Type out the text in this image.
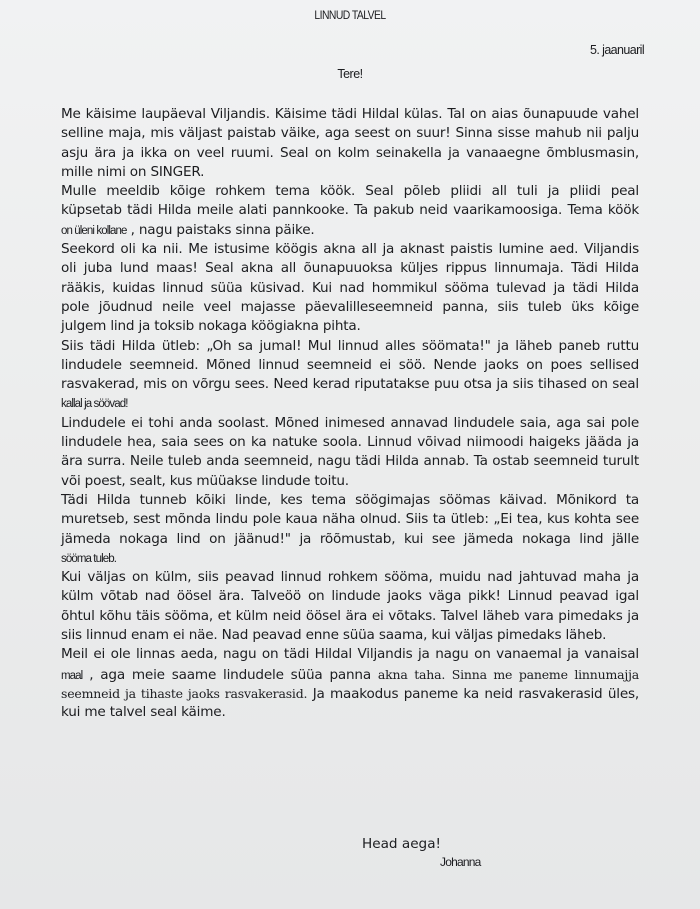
LINNUD TALVEL
5. jaanuaril
Tere!
Me käisime laupäeval Viljandis. Käisime tädi Hildal külas. Tal on aias õunapuude vahel
selline maja, mis väljast paistab väike, aga seest on suur! Sinna sisse mahub nii palju
asju ära ja ikka on veel ruumi. Seal on kolm seinakella ja vanaaegne õmblusmasin,
mille nimi on SINGER.
Mulle meeldib kõige rohkem tema köök. Seal põleb pliidi all tuli ja pliidi peal
küpsetab tädi Hilda meile alati pannkooke. Ta pakub neid vaarikamoosiga. Tema köök
on üleni kollane , nagu paistaks sinna päike.
Seekord oli ka nii. Me istusime köögis akna all ja aknast paistis lumine aed. Viljandis
oli juba lund maas! Seal akna all õunapuuoksa küljes rippus linnumaja. Tädi Hilda
rääkis, kuidas linnud süüa küsivad. Kui nad hommikul sööma tulevad ja tädi Hilda
pole jõudnud neile veel majasse päevalilleseemneid panna, siis tuleb üks kõige
julgem lind ja toksib nokaga köögiakna pihta.
Siis tädi Hilda ütleb: „Oh sa jumal! Mul linnud alles söömata!" ja läheb paneb ruttu
lindudele seemneid. Mõned linnud seemneid ei söö. Nende jaoks on poes sellised
rasvakerad, mis on võrgu sees. Need kerad riputatakse puu otsa ja siis tihased on seal
kallal ja söövad!
Lindudele ei tohi anda soolast. Mõned inimesed annavad lindudele saia, aga sai pole
lindudele hea, saia sees on ka natuke soola. Linnud võivad niimoodi haigeks jääda ja
ära surra. Neile tuleb anda seemneid, nagu tädi Hilda annab. Ta ostab seemneid turult
või poest, sealt, kus müüakse lindude toitu.
Tädi Hilda tunneb kõiki linde, kes tema söögimajas söömas käivad. Mõnikord ta
muretseb, sest mõnda lindu pole kaua näha olnud. Siis ta ütleb: „Ei tea, kus kohta see
jämeda nokaga lind on jäänud!" ja rõõmustab, kui see jämeda nokaga lind jälle
sööma tuleb.
Kui väljas on külm, siis peavad linnud rohkem sööma, muidu nad jahtuvad maha ja
külm võtab nad öösel ära. Talveöö on lindude jaoks väga pikk! Linnud peavad igal
õhtul kõhu täis sööma, et külm neid öösel ära ei võtaks. Talvel läheb vara pimedaks ja
siis linnud enam ei näe. Nad peavad enne süüa saama, kui väljas pimedaks läheb.
Meil ei ole linnas aeda, nagu on tädi Hildal Viljandis ja nagu on vanaemal ja vanaisal
maal , aga meie saame lindudele süüa panna akna taha. Sinna me paneme linnumajja
seemneid ja tihaste jaoks rasvakerasid. Ja maakodus paneme ka neid rasvakerasid üles,
kui me talvel seal käime.
Head aega!
Johanna
